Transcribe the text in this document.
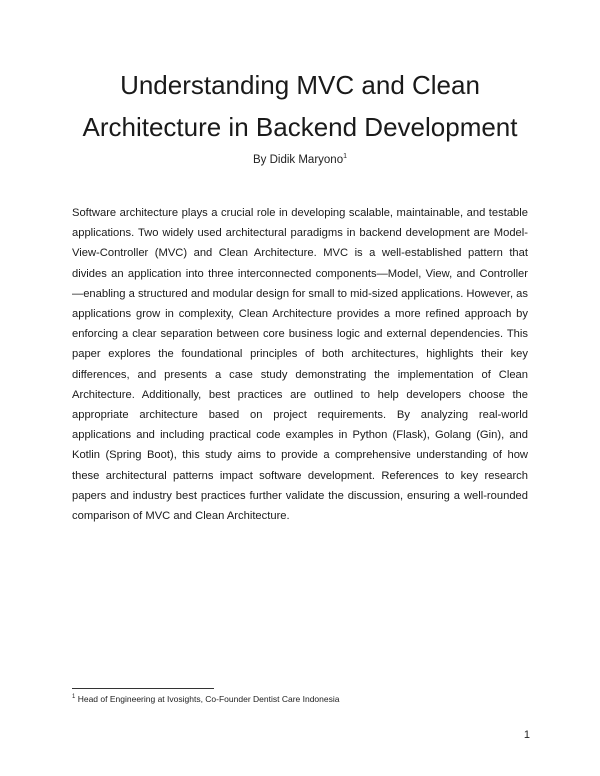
Understanding MVC and Clean
Architecture in Backend Development
By Didik Maryono$^1$

Software architecture plays a crucial role in developing scalable, maintainable, and testable applications. Two widely used architectural paradigms in backend development are Model-View-Controller (MVC) and Clean Architecture. MVC is a well-established pattern that divides an application into three interconnected components—Model, View, and Controller—enabling a structured and modular design for small to mid-sized applications. However, as applications grow in complexity, Clean Architecture provides a more refined approach by enforcing a clear separation between core business logic and external dependencies. This paper explores the foundational principles of both architectures, highlights their key differences, and presents a case study demonstrating the implementation of Clean Architecture. Additionally, best practices are outlined to help developers choose the appropriate architecture based on project requirements. By analyzing real-world applications and including practical code examples in Python (Flask), Golang (Gin), and Kotlin (Spring Boot), this study aims to provide a comprehensive understanding of how these architectural patterns impact software development. References to key research papers and industry best practices further validate the discussion, ensuring a well-rounded comparison of MVC and Clean Architecture.

$^1$ Head of Engineering at Ivosights, Co-Founder Dentist Care Indonesia
1
